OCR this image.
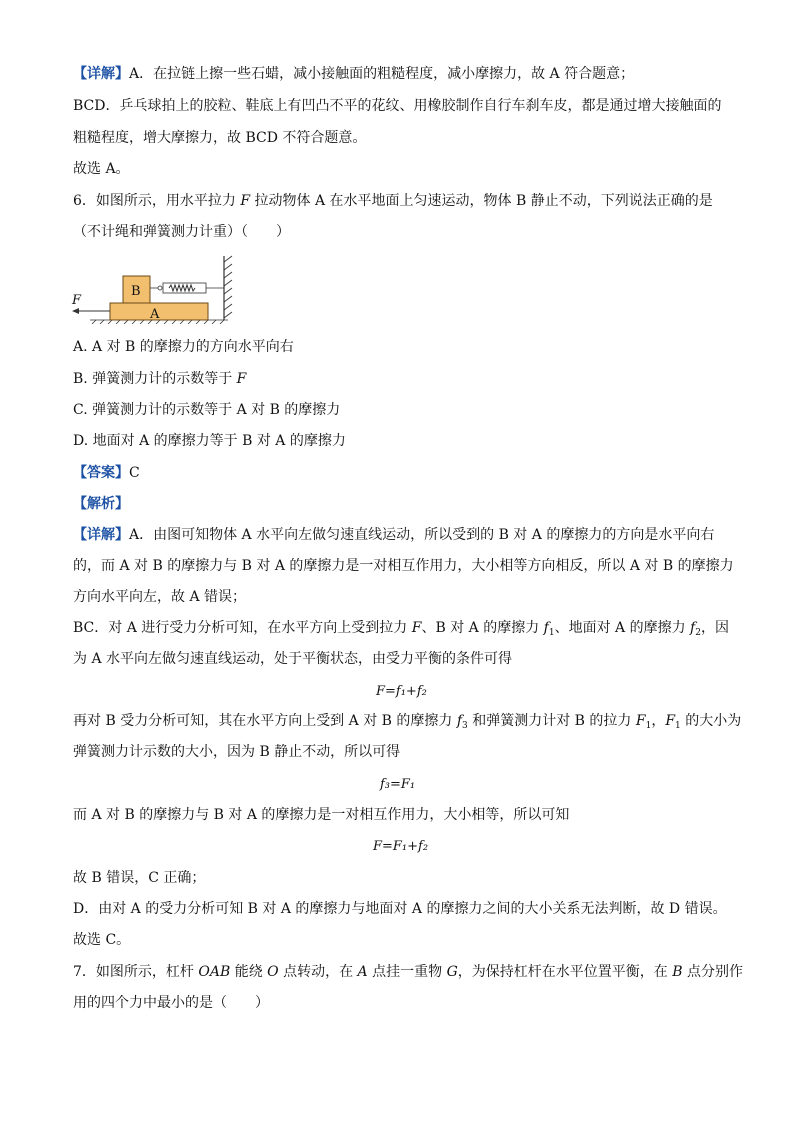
【详解】A．在拉链上擦一些石蜡，减小接触面的粗糙程度，减小摩擦力，故 A 符合题意；
BCD．乒乓球拍上的胶粒、鞋底上有凹凸不平的花纹、用橡胶制作自行车刹车皮，都是通过增大接触面的
粗糙程度，增大摩擦力，故 BCD 不符合题意。
故选 A。
6．如图所示，用水平拉力 F 拉动物体 A 在水平地面上匀速运动，物体 B 静止不动，下列说法正确的是
（不计绳和弹簧测力计重）（　　）
A
B
F
A. A 对 B 的摩擦力的方向水平向右
B. 弹簧测力计的示数等于 F
C. 弹簧测力计的示数等于 A 对 B 的摩擦力
D. 地面对 A 的摩擦力等于 B 对 A 的摩擦力
【答案】C
【解析】
【详解】A．由图可知物体 A 水平向左做匀速直线运动，所以受到的 B 对 A 的摩擦力的方向是水平向右
的，而 A 对 B 的摩擦力与 B 对 A 的摩擦力是一对相互作用力，大小相等方向相反，所以 A 对 B 的摩擦力
方向水平向左，故 A 错误；
BC．对 A 进行受力分析可知，在水平方向上受到拉力 F、B 对 A 的摩擦力 $f_1$、地面对 A 的摩擦力 $f_2$，因
为 A 水平向左做匀速直线运动，处于平衡状态，由受力平衡的条件可得
F=f₁+f₂
再对 B 受力分析可知，其在水平方向上受到 A 对 B 的摩擦力 $f_3$ 和弹簧测力计对 B 的拉力 $F_1$，$F_1$ 的大小为
弹簧测力计示数的大小，因为 B 静止不动，所以可得
f₃=F₁
而 A 对 B 的摩擦力与 B 对 A 的摩擦力是一对相互作用力，大小相等，所以可知
F=F₁+f₂
故 B 错误，C 正确；
D．由对 A 的受力分析可知 B 对 A 的摩擦力与地面对 A 的摩擦力之间的大小关系无法判断，故 D 错误。
故选 C。
7．如图所示，杠杆 OAB 能绕 O 点转动，在 A 点挂一重物 G，为保持杠杆在水平位置平衡，在 B 点分别作
用的四个力中最小的是（　　）
